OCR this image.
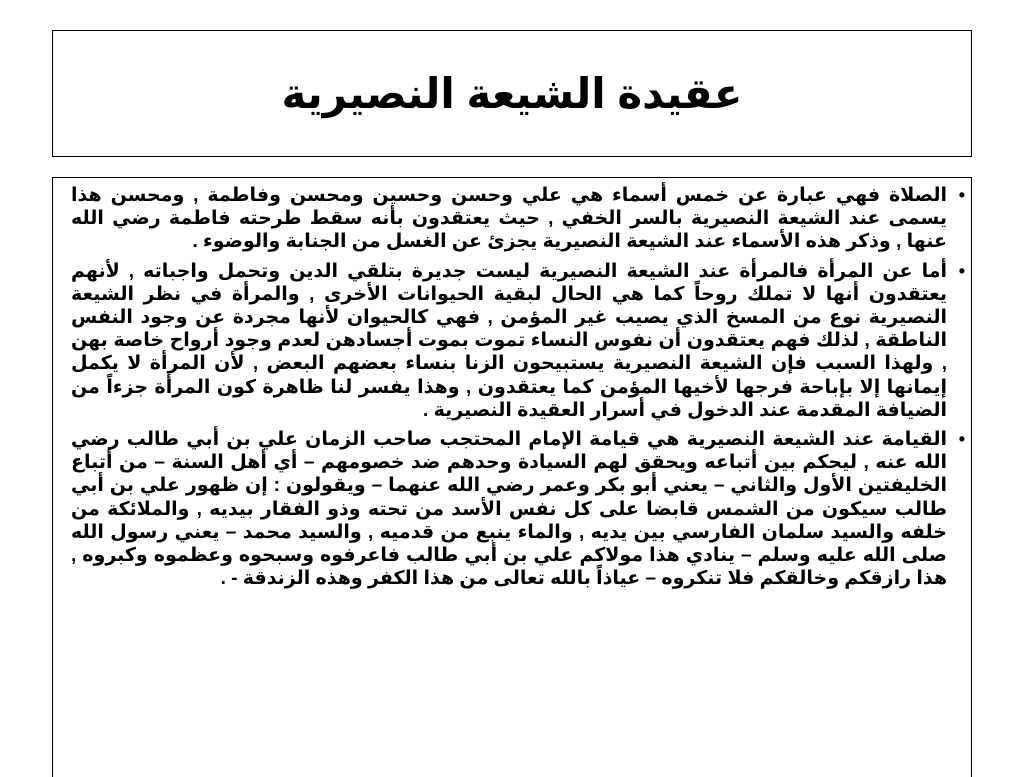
عقيدة الشيعة النصيرية
•
الصلاة فهي عبارة عن خمس أسماء هي علي وحسن وحسين ومحسن وفاطمة , ومحسن هذا يسمى عند الشيعة النصيرية بالسر الخفي , حيث يعتقدون بأنه سقط طرحته فاطمة رضي الله عنها , وذكر هذه الأسماء عند الشيعة النصيرية يجزئ عن الغسل من الجنابة والوضوء .
•
أما عن المرأة فالمرأة عند الشيعة النصيرية ليست جديرة بتلقي الدين وتحمل واجباته , لأنهم يعتقدون أنها لا تملك روحاً كما هي الحال لبقية الحيوانات الأخرى , والمرأة في نظر الشيعة النصيرية نوع من المسخ الذي يصيب غير المؤمن , فهي كالحيوان لأنها مجردة عن وجود النفس الناطقة , لذلك فهم يعتقدون أن نفوس النساء تموت بموت أجسادهن لعدم وجود أرواح خاصة بهن , ولهذا السبب فإن الشيعة النصيرية يستبيحون الزنا بنساء بعضهم البعض , لأن المرأة لا يكمل إيمانها إلا بإباحة فرجها لأخيها المؤمن كما يعتقدون , وهذا يفسر لنا ظاهرة كون المرأة جزءاً من الضيافة المقدمة عند الدخول في أسرار العقيدة النصيرية .
•
القيامة عند الشيعة النصيرية هي قيامة الإمام المحتجب صاحب الزمان علي بن أبي طالب رضي الله عنه , ليحكم بين أتباعه ويحقق لهم السيادة وحدهم ضد خصومهم – أي أهل السنة – من أتباع الخليفتين الأول والثاني – يعني أبو بكر وعمر رضي الله عنهما – ويقولون : إن ظهور علي بن أبي طالب سيكون من الشمس قابضا على كل نفس الأسد من تحته وذو الفقار بيديه , والملائكة من خلفه والسيد سلمان الفارسي بين يديه , والماء ينبع من قدميه , والسيد محمد – يعني رسول الله صلى الله عليه وسلم – ينادي هذا مولاكم علي بن أبي طالب فاعرفوه وسبحوه وعظموه وكبروه , هذا رازقكم وخالقكم فلا تنكروه – عياذاً بالله تعالى من هذا الكفر وهذه الزندقة - .
